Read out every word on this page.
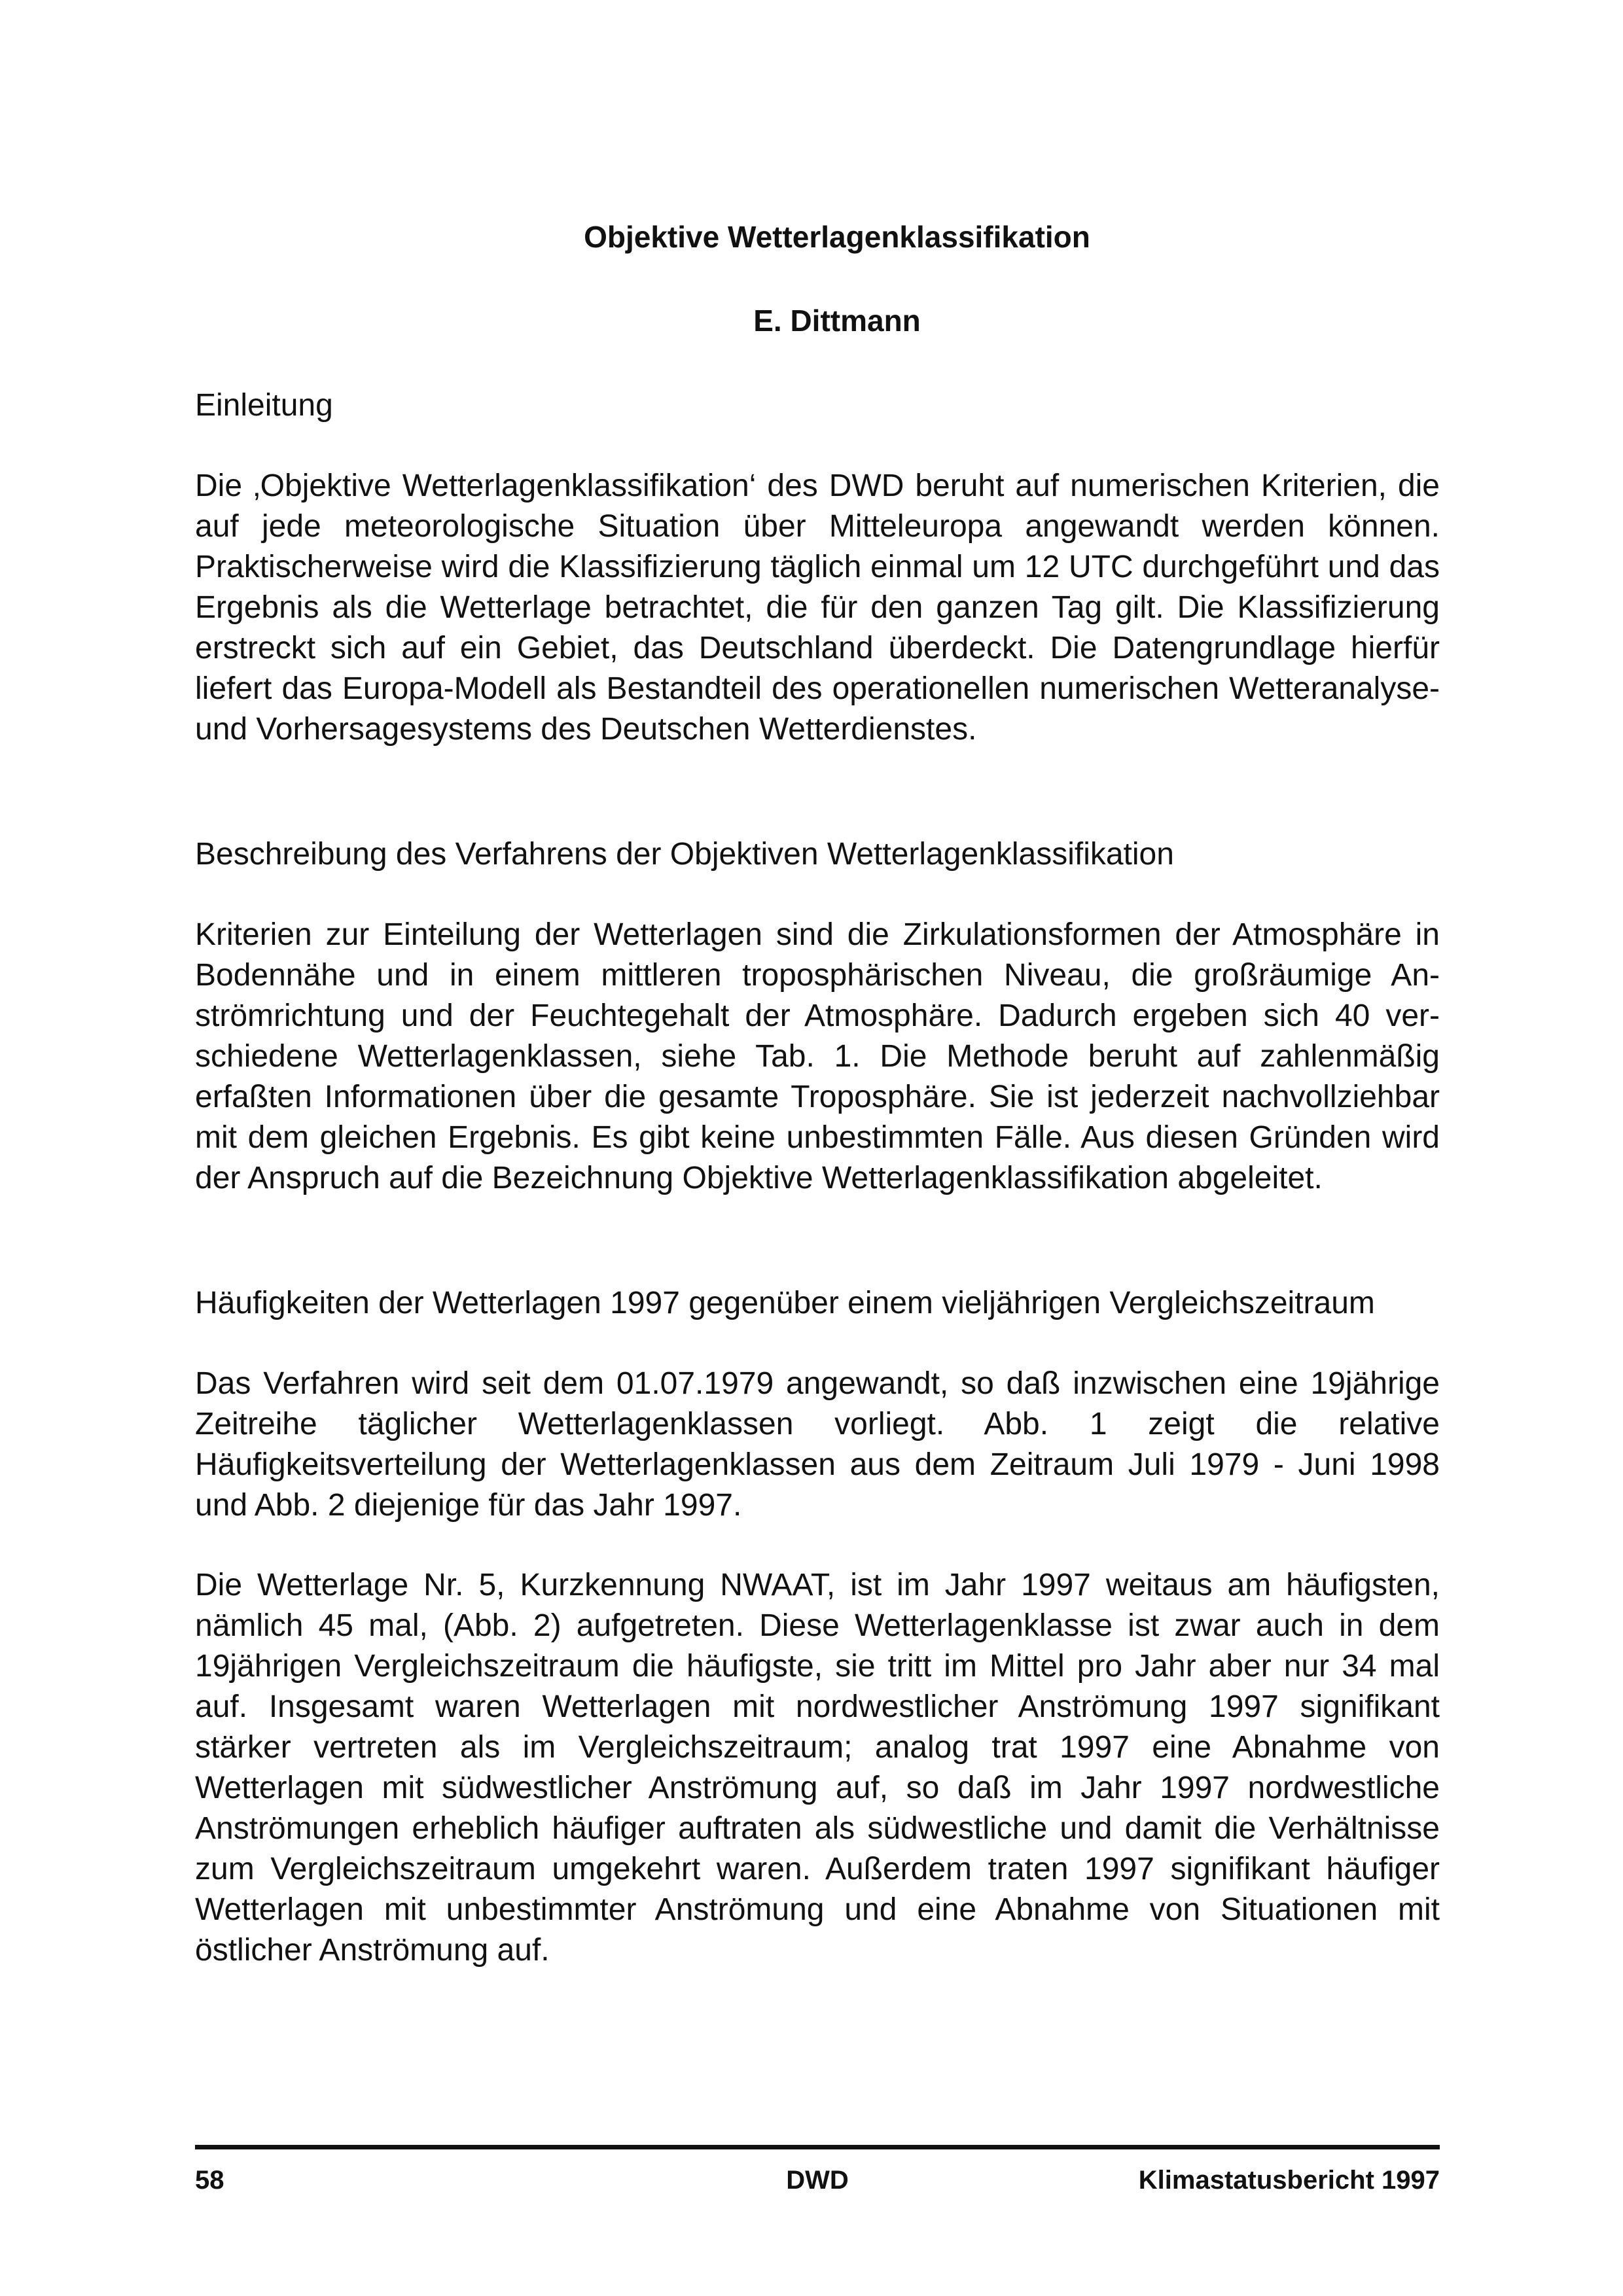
Objektive Wetterlagenklassifikation
E. Dittmann
Einleitung

Die ‚Objektive Wetterlagenklassifikation‘ des DWD beruht auf numerischen Kriterien, die auf jede meteorologische Situation über Mitteleuropa angewandt werden können. Praktischerweise wird die Klassifizierung täglich einmal um 12 UTC durchgeführt und das Ergebnis als die Wetterlage betrachtet, die für den ganzen Tag gilt. Die Klassifizierung erstreckt sich auf ein Gebiet, das Deutschland überdeckt. Die Datengrundlage hierfür liefert das Europa-Modell als Bestandteil des operationellen numerischen Wetteranalyse- und Vorhersagesystems des Deutschen Wetterdienstes.

Beschreibung des Verfahrens der Objektiven Wetterlagenklassifikation

Kriterien zur Einteilung der Wetterlagen sind die Zirkulationsformen der Atmosphäre in Bodennähe und in einem mittleren troposphärischen Niveau, die großräumige Anströmrichtung und der Feuchtegehalt der Atmosphäre. Dadurch ergeben sich 40 verschiedene Wetterlagenklassen, siehe Tab. 1. Die Methode beruht auf zahlenmäßig erfaßten Informationen über die gesamte Troposphäre. Sie ist jederzeit nachvollziehbar mit dem gleichen Ergebnis. Es gibt keine unbestimmten Fälle. Aus diesen Gründen wird der Anspruch auf die Bezeichnung Objektive Wetterlagenklassifikation abgeleitet.

Häufigkeiten der Wetterlagen 1997 gegenüber einem vieljährigen Vergleichszeitraum

Das Verfahren wird seit dem 01.07.1979 angewandt, so daß inzwischen eine 19jährige Zeitreihe täglicher Wetterlagenklassen vorliegt. Abb. 1 zeigt die relative Häufigkeitsverteilung der Wetterlagenklassen aus dem Zeitraum Juli 1979 - Juni 1998 und Abb. 2 diejenige für das Jahr 1997.

Die Wetterlage Nr. 5, Kurzkennung NWAAT, ist im Jahr 1997 weitaus am häufigsten, nämlich 45 mal, (Abb. 2) aufgetreten. Diese Wetterlagenklasse ist zwar auch in dem 19jährigen Vergleichszeitraum die häufigste, sie tritt im Mittel pro Jahr aber nur 34 mal auf. Insgesamt waren Wetterlagen mit nordwestlicher Anströmung 1997 signifikant stärker vertreten als im Vergleichszeitraum; analog trat 1997 eine Abnahme von Wetterlagen mit südwestlicher Anströmung auf, so daß im Jahr 1997 nordwestliche Anströmungen erheblich häufiger auftraten als südwestliche und damit die Verhältnisse zum Vergleichszeitraum umgekehrt waren. Außerdem traten 1997 signifikant häufiger Wetterlagen mit unbestimmter Anströmung und eine Abnahme von Situationen mit östlicher Anströmung auf.

58	DWD	Klimastatusbericht 1997
